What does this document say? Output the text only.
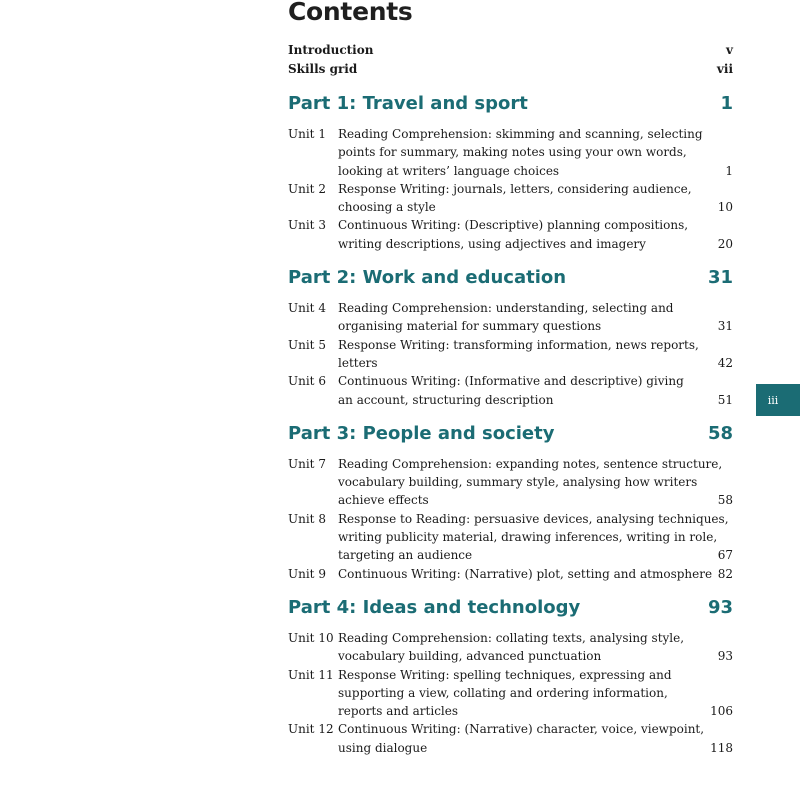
Contents
Introduction	v
Skills grid	vii
Part 1: Travel and sport	1
Unit 1	Reading Comprehension: skimming and scanning, selecting
points for summary, making notes using your own words,
looking at writers’ language choices	1
Unit 2	Response Writing: journals, letters, considering audience,
choosing a style	10
Unit 3	Continuous Writing: (Descriptive) planning compositions,
writing descriptions, using adjectives and imagery	20
Part 2: Work and education	31
Unit 4	Reading Comprehension: understanding, selecting and
organising material for summary questions	31
Unit 5	Response Writing: transforming information, news reports,
letters	42
Unit 6	Continuous Writing: (Informative and descriptive) giving
an account, structuring description	51
Part 3: People and society	58
Unit 7	Reading Comprehension: expanding notes, sentence structure,
vocabulary building, summary style, analysing how writers
achieve effects	58
Unit 8	Response to Reading: persuasive devices, analysing techniques,
writing publicity material, drawing inferences, writing in role,
targeting an audience	67
Unit 9	Continuous Writing: (Narrative) plot, setting and atmosphere 82
Part 4: Ideas and technology	93
Unit 10 Reading Comprehension: collating texts, analysing style,
vocabulary building, advanced punctuation	93
Unit 11 Response Writing: spelling techniques, expressing and
supporting a view, collating and ordering information,
reports and articles	106
Unit 12 Continuous Writing: (Narrative) character, voice, viewpoint,
using dialogue	118
iii
